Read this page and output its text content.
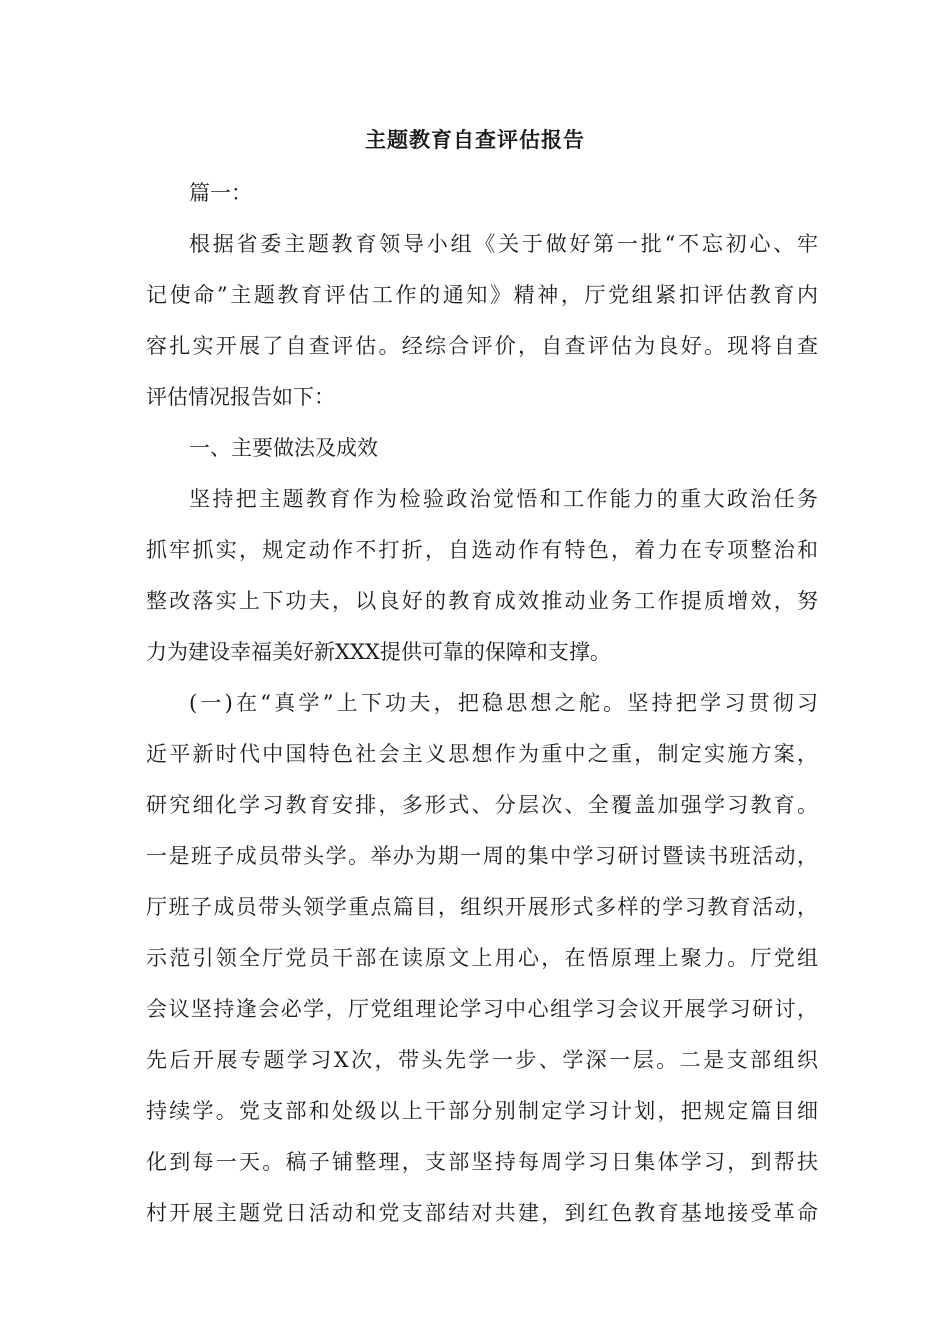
主题教育自查评估报告
篇一：
根据省委主题教育领导小组《关于做好第一批“不忘初心、牢
记使命”主题教育评估工作的通知》精神，厅党组紧扣评估教育内
容扎实开展了自查评估。经综合评价，自查评估为良好。现将自查
评估情况报告如下：
一、主要做法及成效
坚持把主题教育作为检验政治觉悟和工作能力的重大政治任务
抓牢抓实，规定动作不打折，自选动作有特色，着力在专项整治和
整改落实上下功夫，以良好的教育成效推动业务工作提质增效，努
力为建设幸福美好新XXX提供可靠的保障和支撑。
(一)在“真学”上下功夫，把稳思想之舵。坚持把学习贯彻习
近平新时代中国特色社会主义思想作为重中之重，制定实施方案，
研究细化学习教育安排，多形式、分层次、全覆盖加强学习教育。
一是班子成员带头学。举办为期一周的集中学习研讨暨读书班活动，
厅班子成员带头领学重点篇目，组织开展形式多样的学习教育活动，
示范引领全厅党员干部在读原文上用心，在悟原理上聚力。厅党组
会议坚持逢会必学，厅党组理论学习中心组学习会议开展学习研讨，
先后开展专题学习X次，带头先学一步、学深一层。二是支部组织
持续学。党支部和处级以上干部分别制定学习计划，把规定篇目细
化到每一天。稿子铺整理，支部坚持每周学习日集体学习，到帮扶
村开展主题党日活动和党支部结对共建，到红色教育基地接受革命
